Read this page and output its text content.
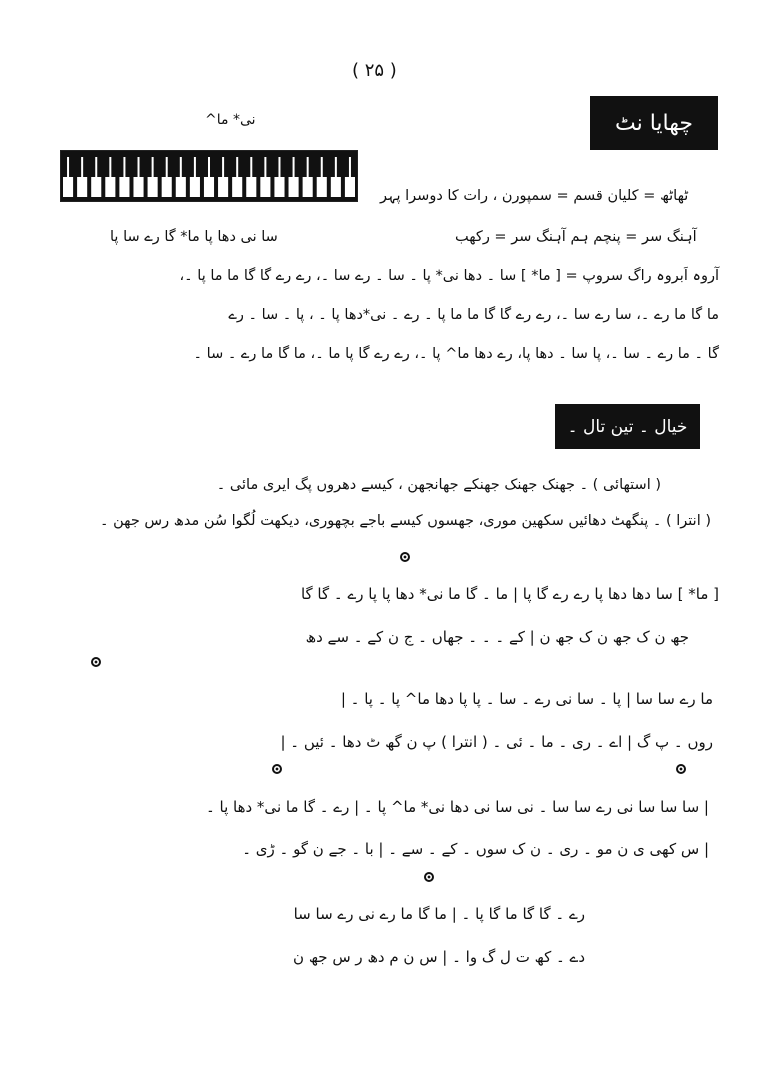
( ۲۵ )
چھایا نٹ
نی* ما^
ٹھاٹھ = کلیان قسم = سمپورن ، رات کا دوسرا پہر
آہنگ سر = پنچم ہم آہنگ سر = رکھب
سا نی دھا پا ما* گا رے سا پا
آروہ اَبروہ راگ سروپ = [ ما* ] سا ۔ دھا نی* پا ۔ سا ۔ رے سا ۔، رے رے گا گا ما ما پا ۔،
ما گا ما رے ۔، سا رے سا ۔، رے رے گا گا ما ما پا ۔ رے ۔ نی*دھا پا ۔ ، پا ۔ سا ۔ رے
گا ۔ ما رے ۔ سا ۔، پا سا ۔ دھا پا، رے دھا ما^ پا ۔، رے رے گا پا ما ۔، ما گا ما رے ۔ سا ۔
خیال ۔ تین تال ۔
( استھائی ) ۔ جھنک جھنک جھنکے جھانجھن ، کیسے دھروں پگ ایری مائی ۔
( انترا ) ۔ پنگھٹ دھائیں سکھین موری، جھسوں کیسے باجے بچھوری، دیکھت لُگوا سُن مدھ رس جھن ۔
[ ما* ] سا دھا دھا پا رے رے گا پا | ما ۔ گا ما نی* دھا پا پا رے ۔ گا گا
جھ ن ک جھ ن ک جھ ن | کے ۔ ۔ ۔ جھاں ۔ ج ن کے ۔ سے دھ
ما رے سا سا | پا ۔ سا نی رے ۔ سا ۔ پا پا دھا ما^ پا ۔ پا ۔ |
روں ۔ پ گ | اے ۔ ری ۔ ما ۔ ئی ۔ ( انترا ) پ ن گھ ٹ دھا ۔ ئیں ۔ |
| سا سا سا نی رے سا سا ۔ نی سا نی دھا نی* ما^ پا ۔ | رے ۔ گا ما نی* دھا پا ۔
| س کھی ی ن مو ۔ ری ۔ ن ک سوں ۔ کے ۔ سے ۔ | با ۔ جے ن گو ۔ ڑی ۔
رے ۔ گا گا ما گا پا ۔ | ما گا ما رے نی رے سا سا
دے ۔ کھ ت ل گ وا ۔ | س ن م دھ ر س جھ ن
